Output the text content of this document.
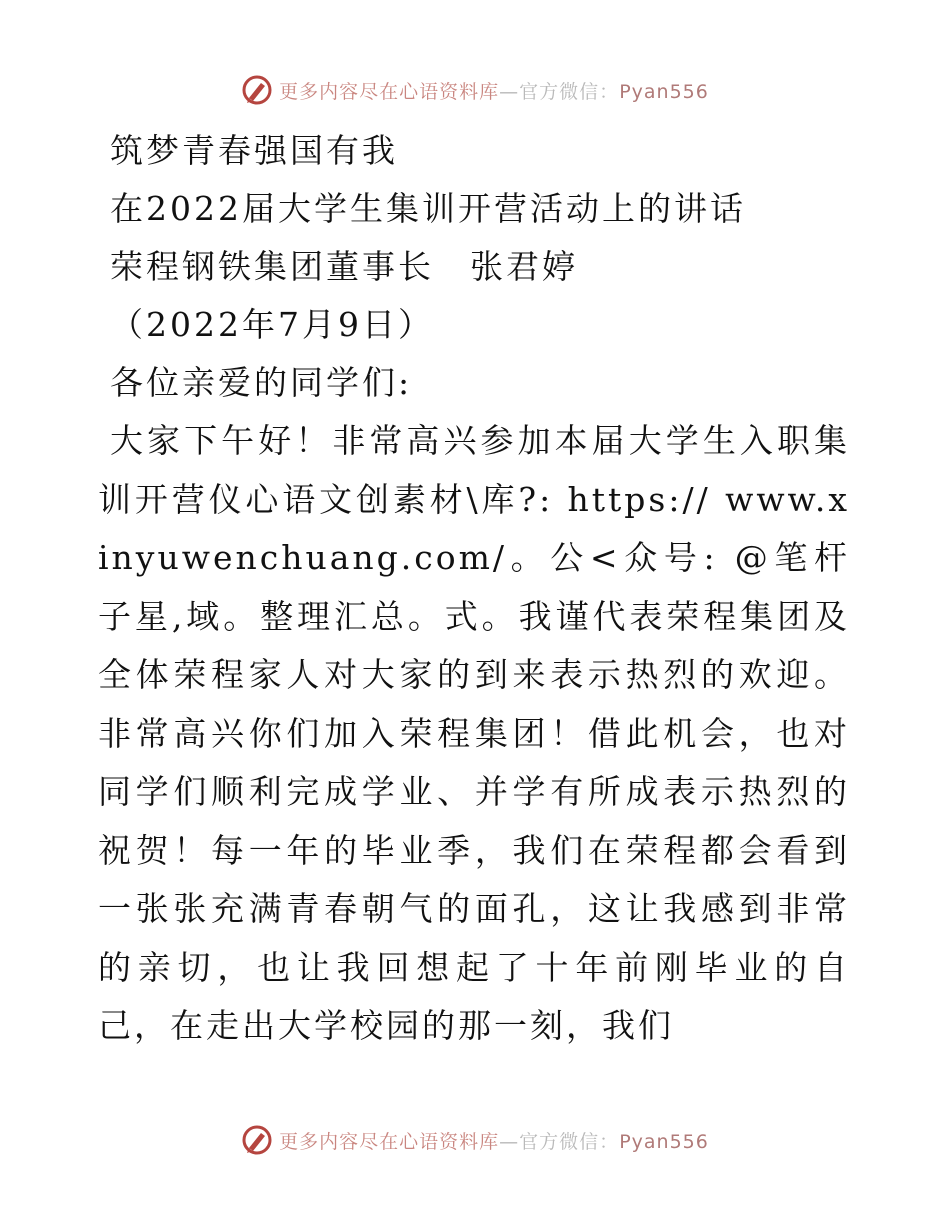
更多内容尽在心语资料库—官方微信：Pyan556

筑梦青春强国有我

在2022届大学生集训开营活动上的讲话

荣程钢铁集团董事长　张君婷

（2022年7月9日）

各位亲爱的同学们:

大家下午好！非常高兴参加本届大学生入职集训开营仪心语文创素材\库?: https:// www.xinyuwenchuang.com/。公<众号: @笔杆子星,域。整理汇总。式。我谨代表荣程集团及全体荣程家人对大家的到来表示热烈的欢迎。非常高兴你们加入荣程集团！借此机会，也对同学们顺利完成学业、并学有所成表示热烈的祝贺！每一年的毕业季，我们在荣程都会看到一张张充满青春朝气的面孔，这让我感到非常的亲切，也让我回想起了十年前刚毕业的自己，在走出大学校园的那一刻，我们

更多内容尽在心语资料库—官方微信：Pyan556
